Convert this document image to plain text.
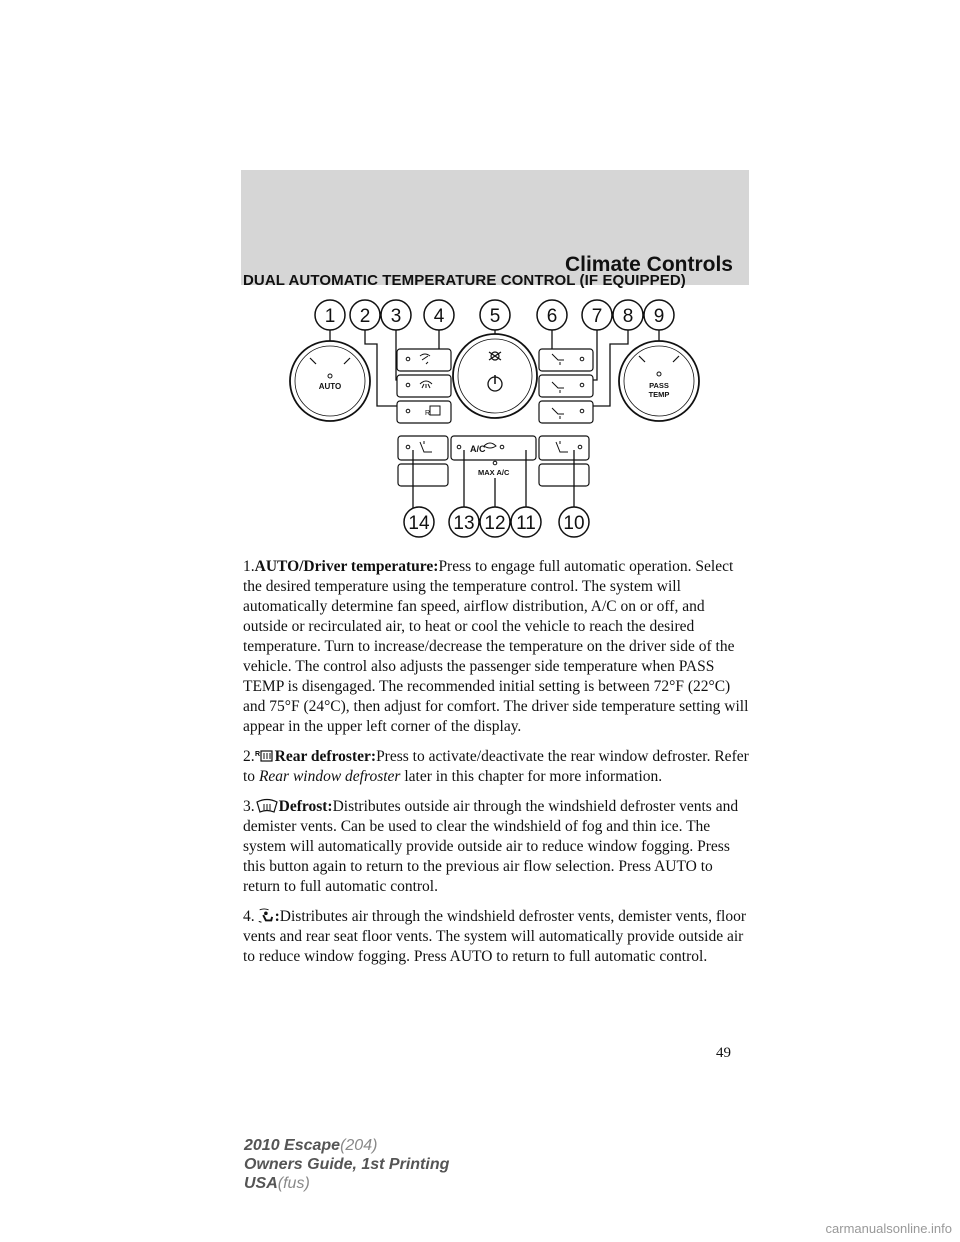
Climate Controls
DUAL AUTOMATIC TEMPERATURE CONTROL (IF EQUIPPED)
1 2 3 4 5 6 7 8 9
AUTO	PASS
TEMP
R
A/C
MAX A/C
14 13 12 11 10

1.AUTO/Driver temperature:Press to engage full automatic operation. Select the desired temperature using the temperature control. The system will automatically determine fan speed, airflow distribution, A/C on or off, and outside or recirculated air, to heat or cool the vehicle to reach the desired temperature. Turn to increase/decrease the temperature on the driver side of the vehicle. The control also adjusts the passenger side temperature when PASS TEMP is disengaged. The recommended initial setting is between 72°F (22°C) and 75°F (24°C), then adjust for comfort. The driver side temperature setting will appear in the upper left corner of the display.

2. R Rear defroster:Press to activate/deactivate the rear window defroster. Refer to Rear window defroster later in this chapter for more information.

3. Defrost:Distributes outside air through the windshield defroster vents and demister vents. Can be used to clear the windshield of fog and thin ice. The system will automatically provide outside air to reduce window fogging. Press this button again to return to the previous air flow selection. Press AUTO to return to full automatic control.

4. :Distributes air through the windshield defroster vents, demister vents, floor vents and rear seat floor vents. The system will automatically provide outside air to reduce window fogging. Press AUTO to return to full automatic control.

49
2010 Escape(204)
Owners Guide, 1st Printing
USA(fus)
carmanualsonline.info
